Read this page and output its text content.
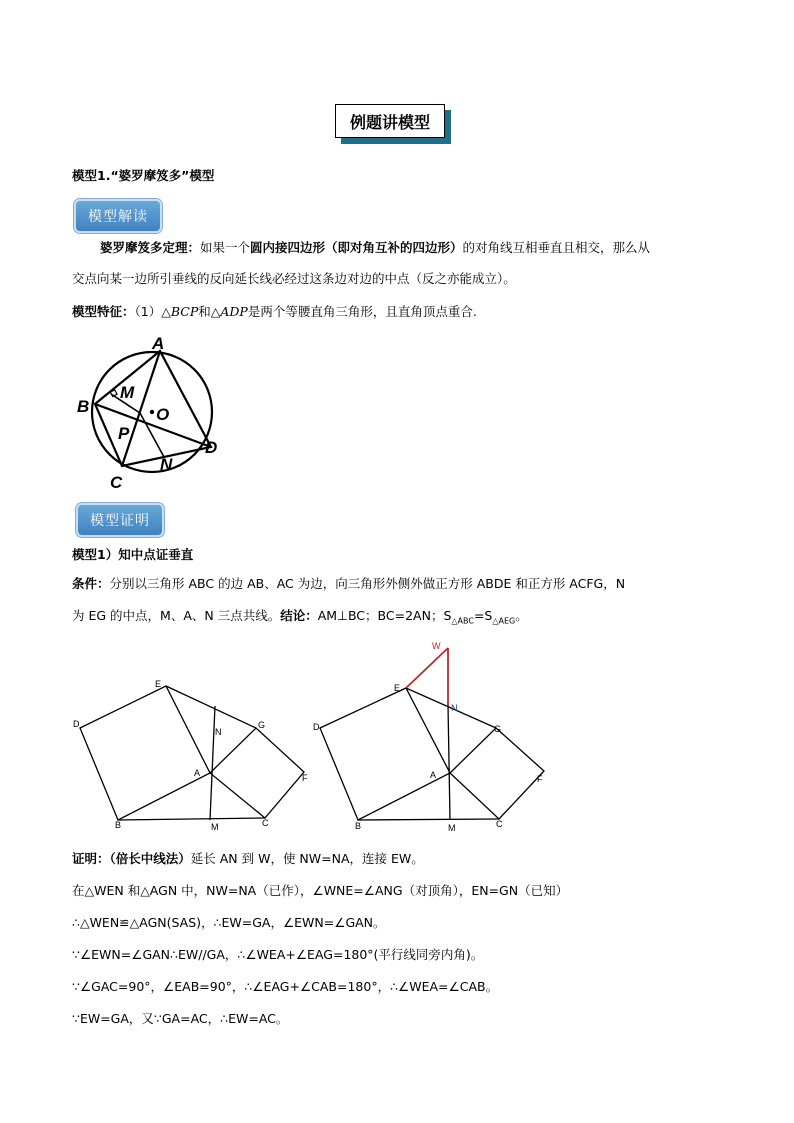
例题讲模型
模型1.“婆罗摩笈多”模型
模型解读
婆罗摩笈多定理：如果一个圆内接四边形（即对角互补的四边形）的对角线互相垂直且相交，那么从
交点向某一边所引垂线的反向延长线必经过这条边对边的中点（反之亦能成立）。
模型特征：（1）△BCP和△ADP是两个等腰直角三角形，且直角顶点重合.
A
B
C
D
M
N
P
O
模型证明
模型1）知中点证垂直
条件：分别以三角形 ABC 的边 AB、AC 为边，向三角形外侧外做正方形 ABDE 和正方形 ACFG，N
为 EG 的中点，M、A、N 三点共线。结论：AM⊥BC；BC=2AN；$S_{\triangle ABC}=S_{\triangle AEG}$。
D
E
N
G
A	F
B	M	C
W
E
N
D	G
A	F
B	M	C
证明：（倍长中线法）延长 AN 到 W，使 NW=NA，连接 EW。
在△WEN 和△AGN 中，NW=NA（已作），∠WNE=∠ANG（对顶角），EN=GN（已知）
∴△WEN≌△AGN(SAS)，∴EW=GA，∠EWN=∠GAN。
∵∠EWN=∠GAN∴EW//GA，∴∠WEA+∠EAG=180°(平行线同旁内角)。
∵∠GAC=90°，∠EAB=90°，∴∠EAG+∠CAB=180°，∴∠WEA=∠CAB。
∵EW=GA，又∵GA=AC，∴EW=AC。
